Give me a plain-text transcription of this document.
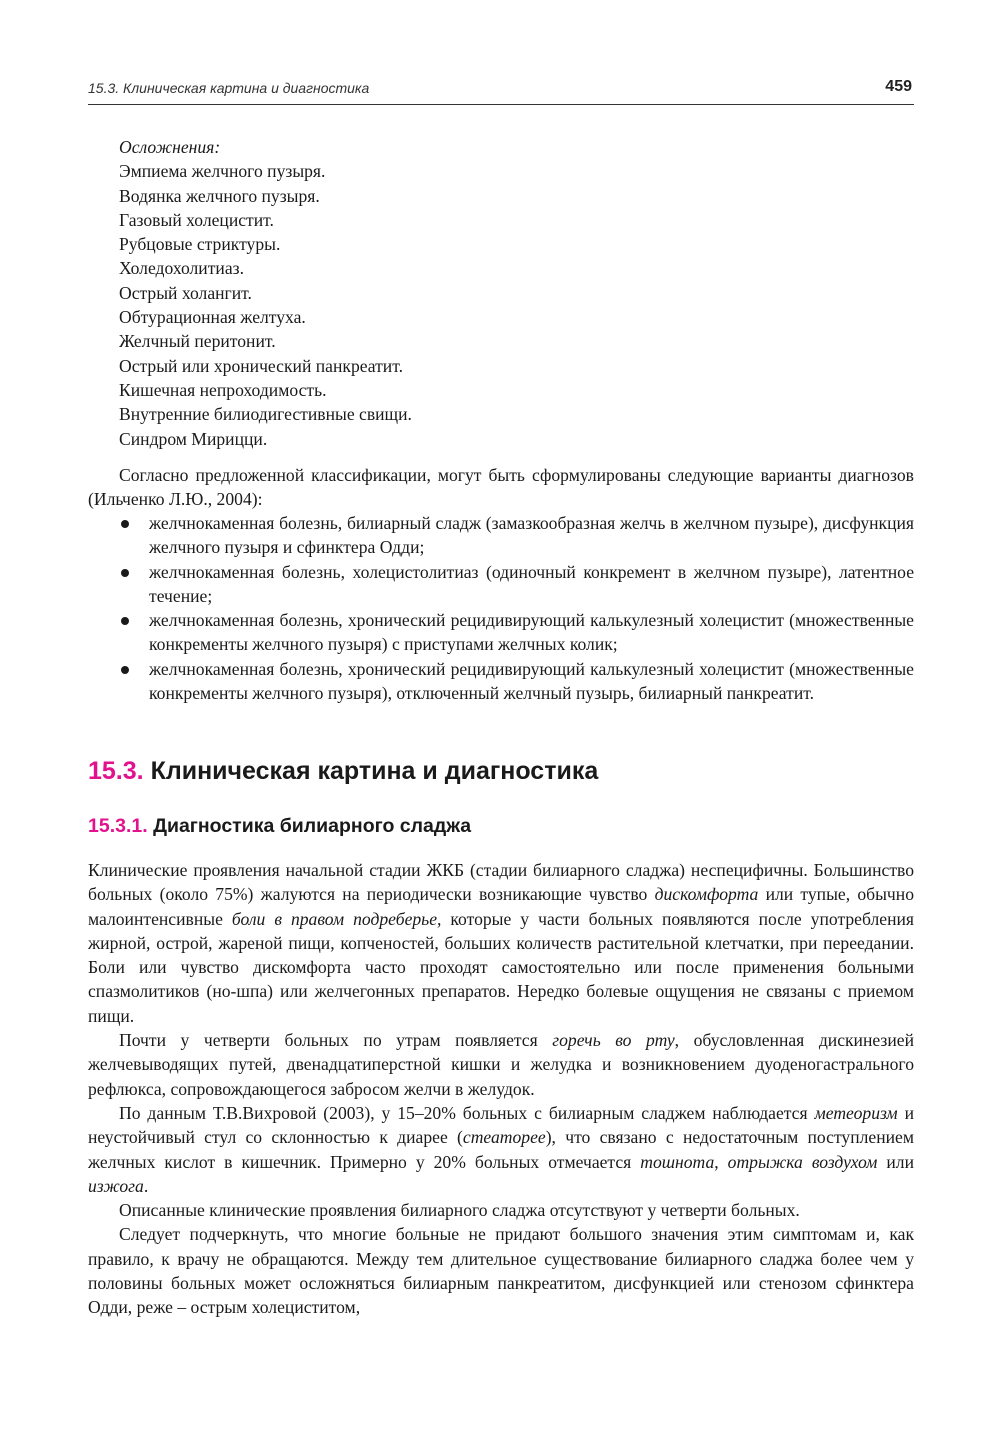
15.3. Клиническая картина и диагностика	459
Осложнения:
Эмпиема желчного пузыря.
Водянка желчного пузыря.
Газовый холецистит.
Рубцовые стриктуры.
Холедохолитиаз.
Острый холангит.
Обтурационная желтуха.
Желчный перитонит.
Острый или хронический панкреатит.
Кишечная непроходимость.
Внутренние билиодигестивные свищи.
Синдром Мирицци.

Согласно предложенной классификации, могут быть сформулированы следующие варианты диагнозов (Ильченко Л.Ю., 2004):

желчнокаменная болезнь, билиарный сладж (замазкообразная желчь в желчном пузыре), дисфункция желчного пузыря и сфинктера Одди;
желчнокаменная болезнь, холецистолитиаз (одиночный конкремент в желчном пузыре), латентное течение;
желчнокаменная болезнь, хронический рецидивирующий калькулезный холецистит (множественные конкременты желчного пузыря) с приступами желчных колик;
желчнокаменная болезнь, хронический рецидивирующий калькулезный холецистит (множественные конкременты желчного пузыря), отключенный желчный пузырь, билиарный панкреатит.
15.3. Клиническая картина и диагностика
15.3.1. Диагностика билиарного сладжа

Клинические проявления начальной стадии ЖКБ (стадии билиарного сладжа) неспецифичны. Большинство больных (около 75%) жалуются на периодически возникающие чувство дискомфорта или тупые, обычно малоинтенсивные боли в правом подреберье, которые у части больных появляются после употребления жирной, острой, жареной пищи, копченостей, больших количеств растительной клетчатки, при переедании. Боли или чувство дискомфорта часто проходят самостоятельно или после применения больными спазмолитиков (но-шпа) или желчегонных препаратов. Нередко болевые ощущения не связаны с приемом пищи.

Почти у четверти больных по утрам появляется горечь во рту, обусловленная дискинезией желчевыводящих путей, двенадцатиперстной кишки и желудка и возникновением дуоденогастрального рефлюкса, сопровождающегося забросом желчи в желудок.

По данным Т.В.Вихровой (2003), у 15–20% больных с билиарным сладжем наблюдается метеоризм и неустойчивый стул со склонностью к диарее (стеаторее), что связано с недостаточным поступлением желчных кислот в кишечник. Примерно у 20% больных отмечается тошнота, отрыжка воздухом или изжога.

Описанные клинические проявления билиарного сладжа отсутствуют у четверти больных.

Следует подчеркнуть, что многие больные не придают большого значения этим симптомам и, как правило, к врачу не обращаются. Между тем длительное существование билиарного сладжа более чем у половины больных может осложняться билиарным панкреатитом, дисфункцией или стенозом сфинктера Одди, реже – острым холециститом,
